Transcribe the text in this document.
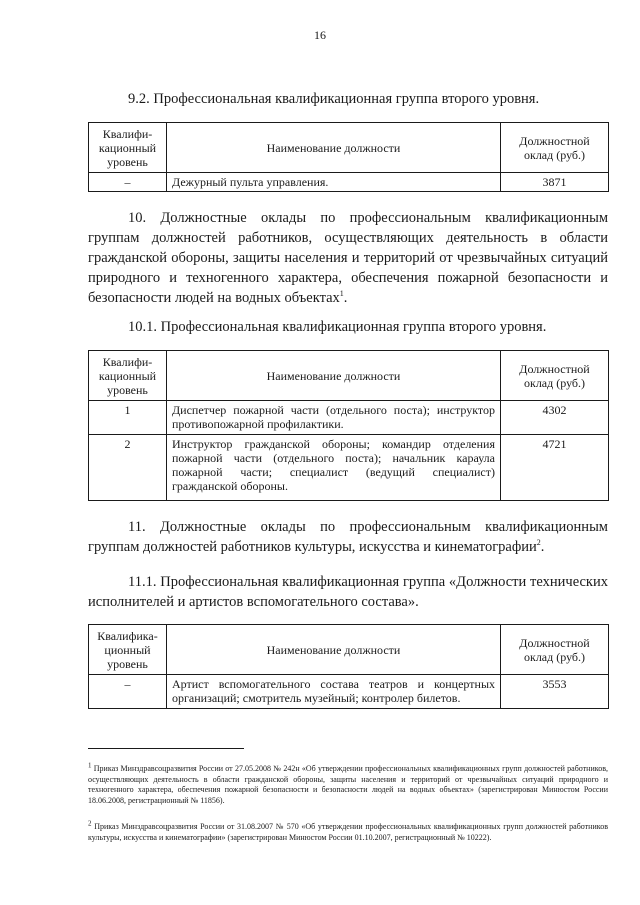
16
9.2. Профессиональная квалификационная группа второго уровня.
Квалифи-кационный уровень	Наименование должности	Должностной оклад (руб.)
–	Дежурный пульта управления.	3871
10. Должностные оклады по профессиональным квалификационным группам должностей работников, осуществляющих деятельность в области гражданской обороны, защиты населения и территорий от чрезвычайных ситуаций природного и техногенного характера, обеспечения пожарной безопасности и безопасности людей на водных объектах$^1$.
10.1. Профессиональная квалификационная группа второго уровня.
Квалифи-кационный уровень	Наименование должности	Должностной оклад (руб.)
1	Диспетчер пожарной части (отдельного поста); инструктор противопожарной профилактики.	4302
2	Инструктор гражданской обороны; командир отделения пожарной части (отдельного поста); начальник караула пожарной части; специалист (ведущий специалист) гражданской обороны.	4721
11. Должностные оклады по профессиональным квалификационным группам должностей работников культуры, искусства и кинематографии$^2$.
11.1. Профессиональная квалификационная группа «Должности технических исполнителей и артистов вспомогательного состава».
Квалифика-ционный уровень	Наименование должности	Должностной оклад (руб.)
–	Артист вспомогательного состава театров и концертных организаций; смотритель музейный; контролер билетов.	3553
$^1$ Приказ Минздравсоцразвития России от 27.05.2008 № 242н «Об утверждении профессиональных квалификационных групп должностей работников, осуществляющих деятельность в области гражданской обороны, защиты населения и территорий от чрезвычайных ситуаций природного и техногенного характера, обеспечения пожарной безопасности и безопасности людей на водных объектах» (зарегистрирован Минюстом России 18.06.2008, регистрационный № 11856).
$^2$ Приказ Минздравсоцразвития России от 31.08.2007 № 570 «Об утверждении профессиональных квалификационных групп должностей работников культуры, искусства и кинематографии» (зарегистрирован Минюстом России 01.10.2007, регистрационный № 10222).
